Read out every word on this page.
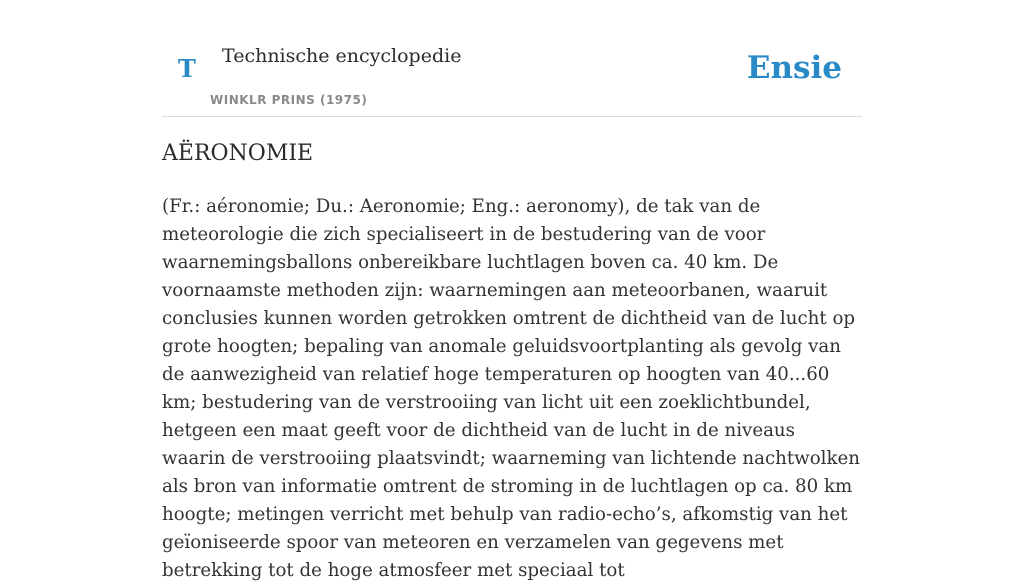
T Technische encyclopedie
WINKLR PRINS (1975)
Ensie
AËRONOMIE

(Fr.: aéronomie; Du.: Aeronomie; Eng.: aeronomy), de tak van de meteorologie die zich specialiseert in de bestudering van de voor waarnemingsballons onbereikbare luchtlagen boven ca. 40 km. De voornaamste methoden zijn: waarnemingen aan meteoorbanen, waaruit conclusies kunnen worden getrokken omtrent de dichtheid van de lucht op grote hoogten; bepaling van anomale geluidsvoortplanting als gevolg van de aanwezigheid van relatief hoge temperaturen op hoogten van 40...60 km; bestudering van de verstrooiing van licht uit een zoeklichtbundel, hetgeen een maat geeft voor de dichtheid van de lucht in de niveaus waarin de verstrooiing plaatsvindt; waarneming van lichtende nachtwolken als bron van informatie omtrent de stroming in de luchtlagen op ca. 80 km hoogte; metingen verricht met behulp van radio-echo’s, afkomstig van het geïoniseerde spoor van meteoren en verzamelen van gegevens met betrekking tot de hoge atmosfeer met speciaal tot
